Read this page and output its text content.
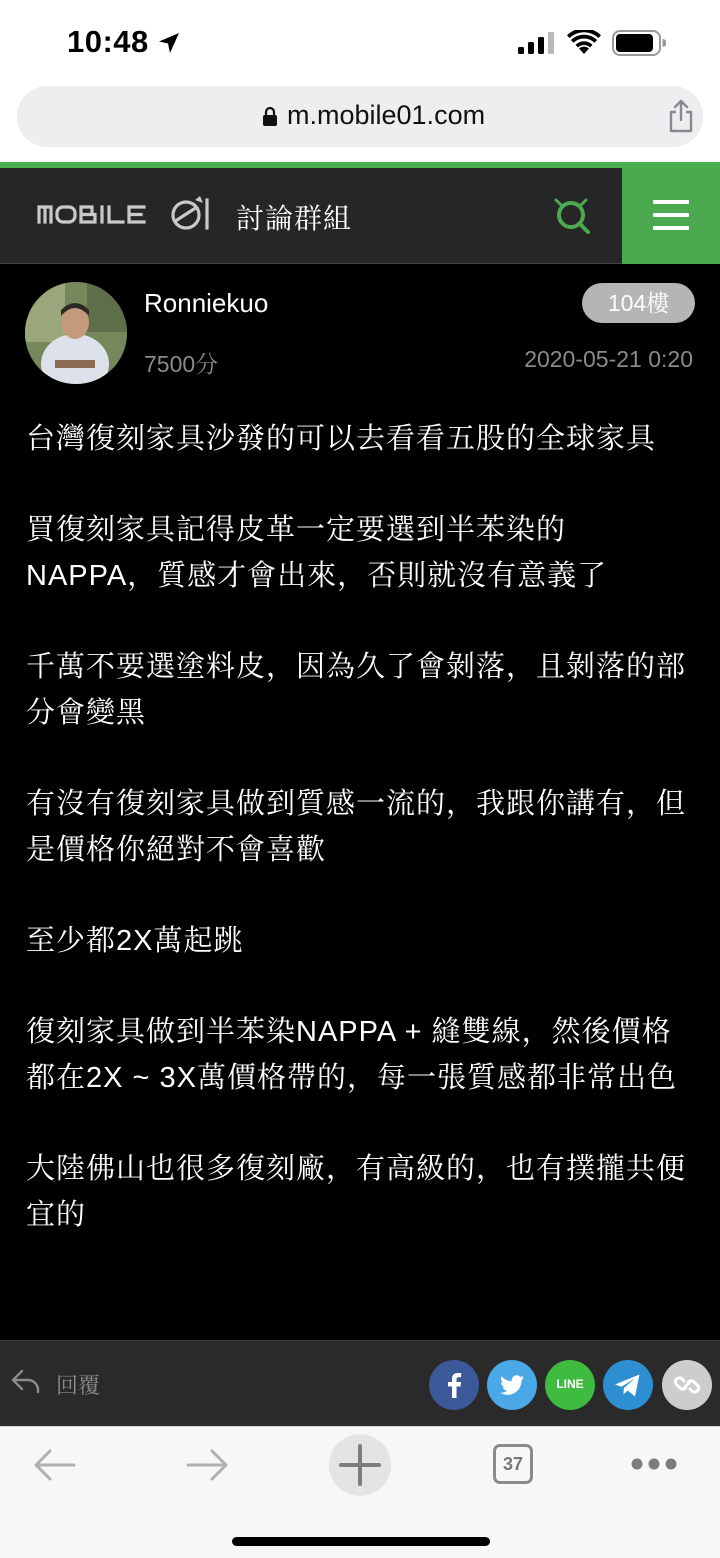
10:48
m.mobile01.com
討論群組
Ronniekuo	104樓
7500分	2020-05-21 0:20

台灣復刻家具沙發的可以去看看五股的全球家具

買復刻家具記得皮革一定要選到半苯染的NAPPA，質感才會出來，否則就沒有意義了

千萬不要選塗料皮，因為久了會剝落，且剝落的部分會變黑

有沒有復刻家具做到質感一流的，我跟你講有，但是價格你絕對不會喜歡

至少都2X萬起跳

復刻家具做到半苯染NAPPA + 縫雙線，然後價格都在2X ~ 3X萬價格帶的，每一張質感都非常出色

大陸佛山也很多復刻廠，有高級的，也有撲攏共便宜的

回覆	LINE
37
